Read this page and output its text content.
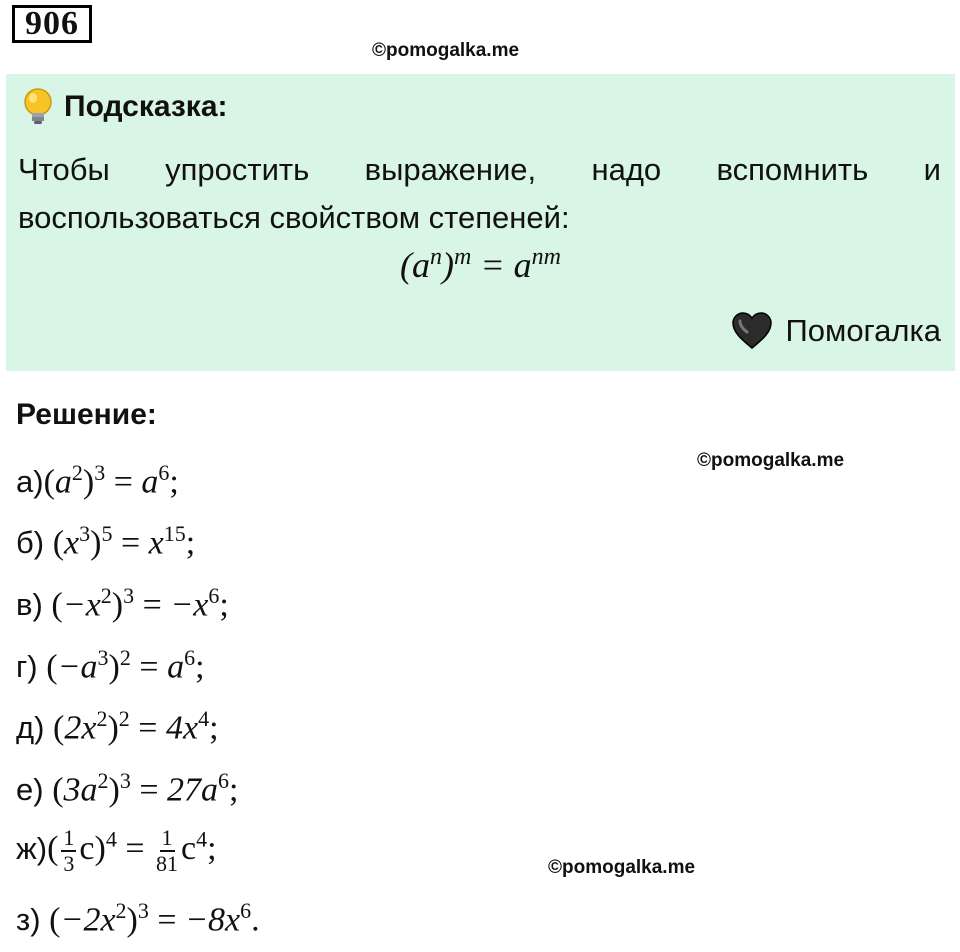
906
©pomogalka.me
Подсказка:
Чтобы упростить выражение, надо вспомнить и
воспользоваться свойством степеней:
$(a^n)^m = a^{nm}$
Помогалка
Решение:
©pomogalka.me
©pomogalka.me
а) $(a^2)^3 = a^6$;
б)
$(x^3)^5 = x^{15}$;
в)
$(-x^2)^3 = -x^6$;
г)
$(-a^3)^2 = a^6$;
д)
$(2x^2)^2 = 4x^4$;
е)
$(3a^2)^3 = 27a^6$;
ж) ( $\frac{1}{3} c)^4 = \frac{1}{81} c^4$;
з)
$(-2x^2)^3 = -8x^6$.
